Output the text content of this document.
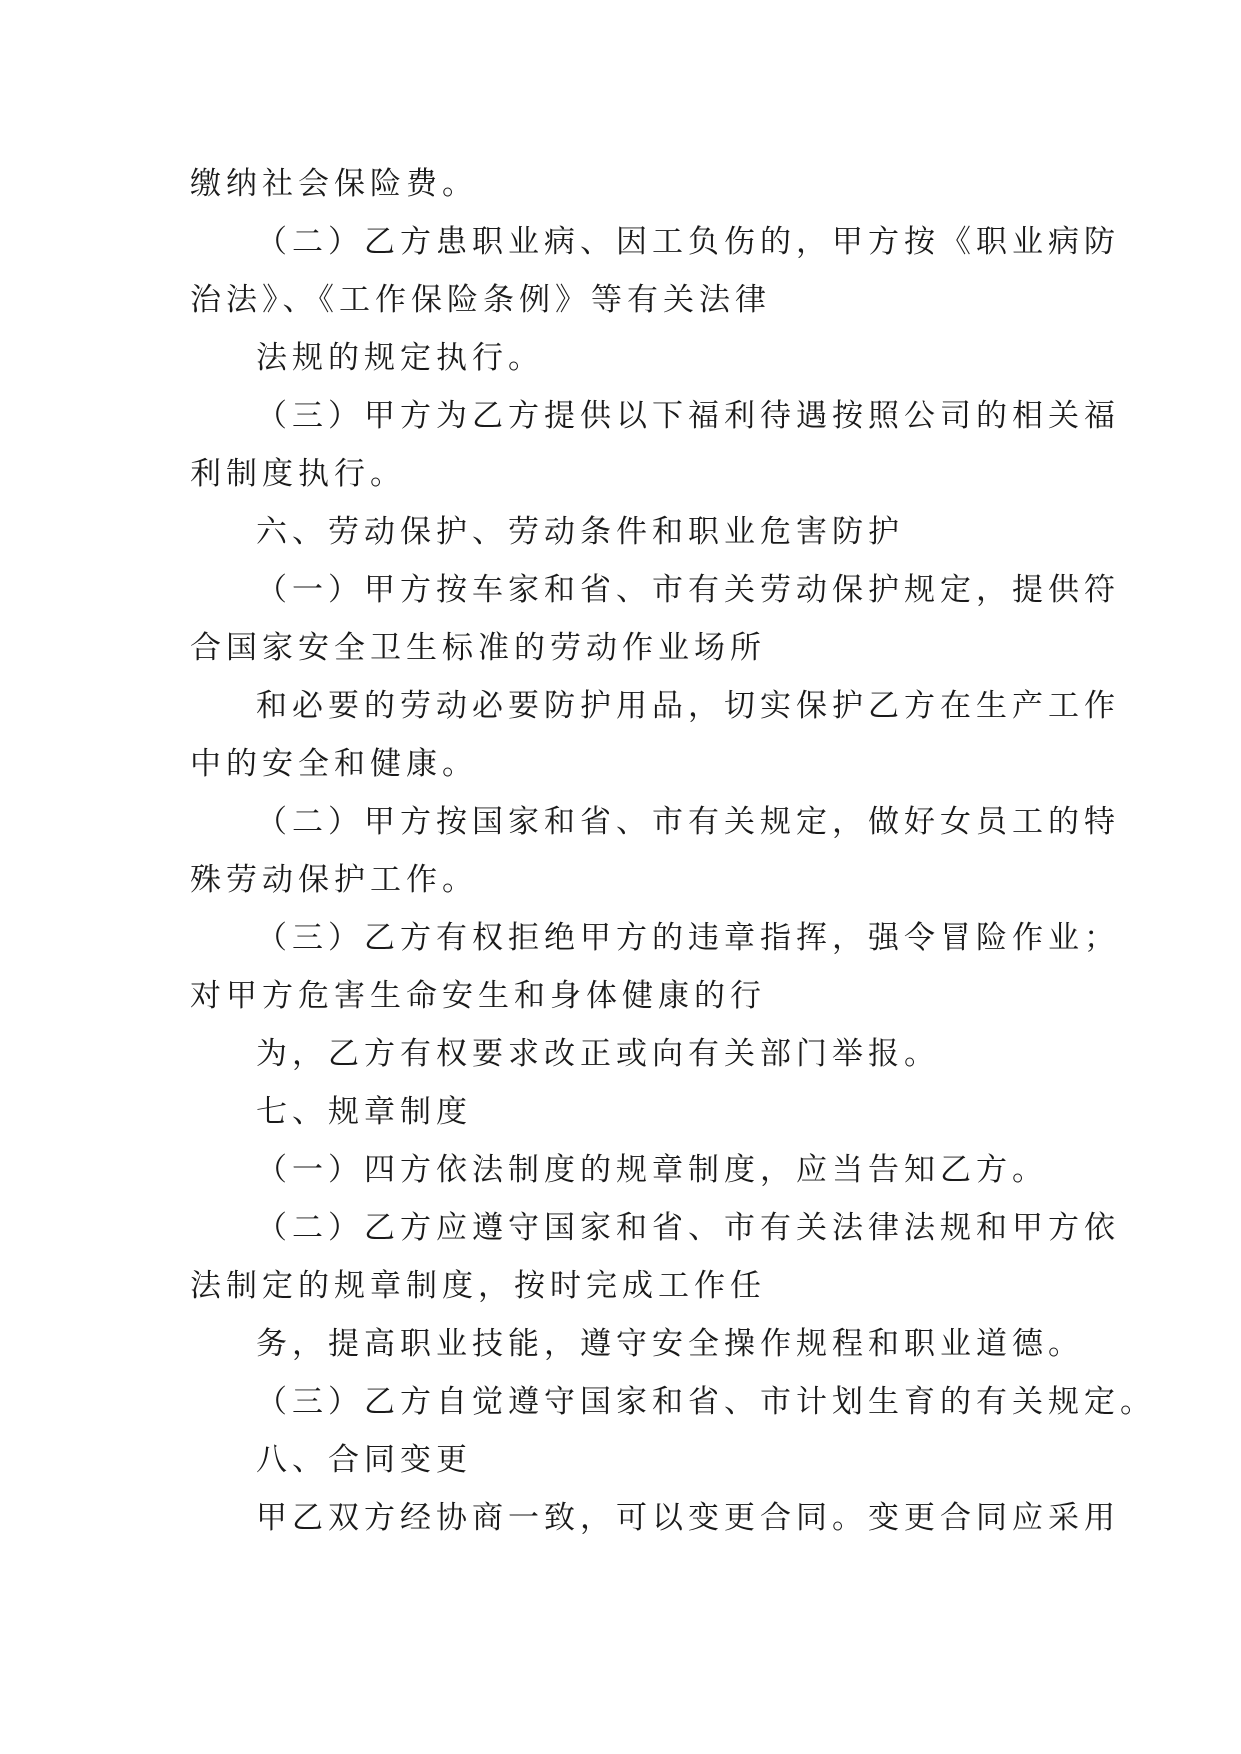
缴纳社会保险费。
（二）乙方患职业病、因工负伤的，甲方按《职业病防
治法》、《工作保险条例》等有关法律
法规的规定执行。
（三）甲方为乙方提供以下福利待遇按照公司的相关福
利制度执行。
六、劳动保护、劳动条件和职业危害防护
（一）甲方按车家和省、市有关劳动保护规定，提供符
合国家安全卫生标准的劳动作业场所
和必要的劳动必要防护用品，切实保护乙方在生产工作
中的安全和健康。
（二）甲方按国家和省、市有关规定，做好女员工的特
殊劳动保护工作。
（三）乙方有权拒绝甲方的违章指挥，强令冒险作业；
对甲方危害生命安生和身体健康的行
为，乙方有权要求改正或向有关部门举报。
七、规章制度
（一）四方依法制度的规章制度，应当告知乙方。
（二）乙方应遵守国家和省、市有关法律法规和甲方依
法制定的规章制度，按时完成工作任
务，提高职业技能，遵守安全操作规程和职业道德。
（三）乙方自觉遵守国家和省、市计划生育的有关规定。
八、合同变更
甲乙双方经协商一致，可以变更合同。变更合同应采用
